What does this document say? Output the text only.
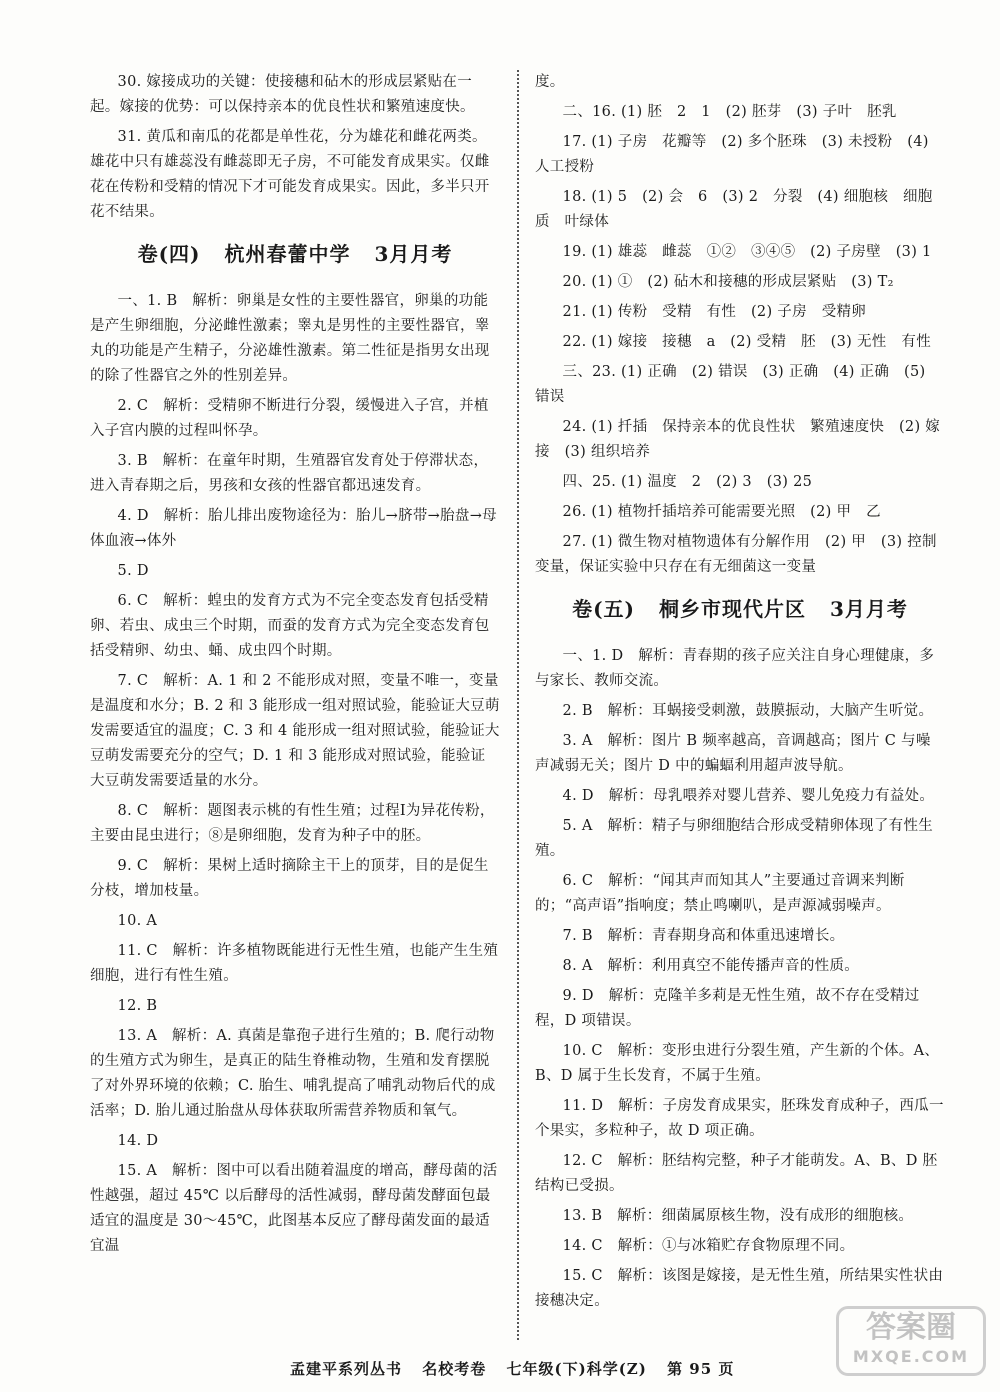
30. 嫁接成功的关键：使接穗和砧木的形成层紧贴在一起。嫁接的优势：可以保持亲本的优良性状和繁殖速度快。

31. 黄瓜和南瓜的花都是单性花，分为雄花和雌花两类。雄花中只有雄蕊没有雌蕊即无子房，不可能发育成果实。仅雌花在传粉和受精的情况下才可能发育成果实。因此，多半只开花不结果。

卷(四) 杭州春蕾中学 3月月考

一、1. B　解析：卵巢是女性的主要性器官，卵巢的功能是产生卵细胞，分泌雌性激素；睾丸是男性的主要性器官，睾丸的功能是产生精子，分泌雄性激素。第二性征是指男女出现的除了性器官之外的性别差异。

2. C　解析：受精卵不断进行分裂，缓慢进入子宫，并植入子宫内膜的过程叫怀孕。

3. B　解析：在童年时期，生殖器官发育处于停滞状态，进入青春期之后，男孩和女孩的性器官都迅速发育。

4. D　解析：胎儿排出废物途径为：胎儿→脐带→胎盘→母体血液→体外

5. D

6. C　解析：蝗虫的发育方式为不完全变态发育包括受精卵、若虫、成虫三个时期，而蚕的发育方式为完全变态发育包括受精卵、幼虫、蛹、成虫四个时期。

7. C　解析：A. 1 和 2 不能形成对照，变量不唯一，变量是温度和水分；B. 2 和 3 能形成一组对照试验，能验证大豆萌发需要适宜的温度；C. 3 和 4 能形成一组对照试验，能验证大豆萌发需要充分的空气；D. 1 和 3 能形成对照试验，能验证大豆萌发需要适量的水分。

8. C　解析：题图表示桃的有性生殖；过程Ⅰ为异花传粉，主要由昆虫进行；⑧是卵细胞，发育为种子中的胚。

9. C　解析：果树上适时摘除主干上的顶芽，目的是促生分枝，增加枝量。

10. A

11. C　解析：许多植物既能进行无性生殖，也能产生生殖细胞，进行有性生殖。

12. B

13. A　解析：A. 真菌是靠孢子进行生殖的；B. 爬行动物的生殖方式为卵生，是真正的陆生脊椎动物，生殖和发育摆脱了对外界环境的依赖；C. 胎生、哺乳提高了哺乳动物后代的成活率；D. 胎儿通过胎盘从母体获取所需营养物质和氧气。

14. D

15. A　解析：图中可以看出随着温度的增高，酵母菌的活性越强，超过 45℃ 以后酵母的活性减弱，酵母菌发酵面包最适宜的温度是 30～45℃，此图基本反应了酵母菌发面的最适宜温

度。

二、16. (1) 胚　2　1　(2) 胚芽　(3) 子叶　胚乳

17. (1) 子房　花瓣等　(2) 多个胚珠　(3) 未授粉　(4) 人工授粉

18. (1) 5　(2) 会　6　(3) 2　分裂　(4) 细胞核　细胞质　叶绿体

19. (1) 雄蕊　雌蕊　①②　③④⑤　(2) 子房壁　(3) 1

20. (1) ①　(2) 砧木和接穗的形成层紧贴　(3) T₂

21. (1) 传粉　受精　有性　(2) 子房　受精卵

22. (1) 嫁接　接穗　a　(2) 受精　胚　(3) 无性　有性

三、23. (1) 正确　(2) 错误　(3) 正确　(4) 正确　(5) 错误

24. (1) 扦插　保持亲本的优良性状　繁殖速度快　(2) 嫁接　(3) 组织培养

四、25. (1) 温度　2　(2) 3　(3) 25

26. (1) 植物扦插培养可能需要光照　(2) 甲　乙

27. (1) 微生物对植物遗体有分解作用　(2) 甲　(3) 控制变量，保证实验中只存在有无细菌这一变量

卷(五) 桐乡市现代片区 3月月考

一、1. D　解析：青春期的孩子应关注自身心理健康，多与家长、教师交流。

2. B　解析：耳蜗接受刺激，鼓膜振动，大脑产生听觉。

3. A　解析：图片 B 频率越高，音调越高；图片 C 与噪声减弱无关；图片 D 中的蝙蝠利用超声波导航。

4. D　解析：母乳喂养对婴儿营养、婴儿免疫力有益处。

5. A　解析：精子与卵细胞结合形成受精卵体现了有性生殖。

6. C　解析：“闻其声而知其人”主要通过音调来判断的；“高声语”指响度；禁止鸣喇叭，是声源减弱噪声。

7. B　解析：青春期身高和体重迅速增长。

8. A　解析：利用真空不能传播声音的性质。

9. D　解析：克隆羊多莉是无性生殖，故不存在受精过程，D 项错误。

10. C　解析：变形虫进行分裂生殖，产生新的个体。A、B、D 属于生长发育，不属于生殖。

11. D　解析：子房发育成果实，胚珠发育成种子，西瓜一个果实，多粒种子，故 D 项正确。

12. C　解析：胚结构完整，种子才能萌发。A、B、D 胚结构已受损。

13. B　解析：细菌属原核生物，没有成形的细胞核。

14. C　解析：①与冰箱贮存食物原理不同。

15. C　解析：该图是嫁接，是无性生殖，所结果实性状由接穗决定。

孟建平系列丛书 名校考卷 七年级(下)科学(Z) 第 95 页
答案圈
MXQE.COM
